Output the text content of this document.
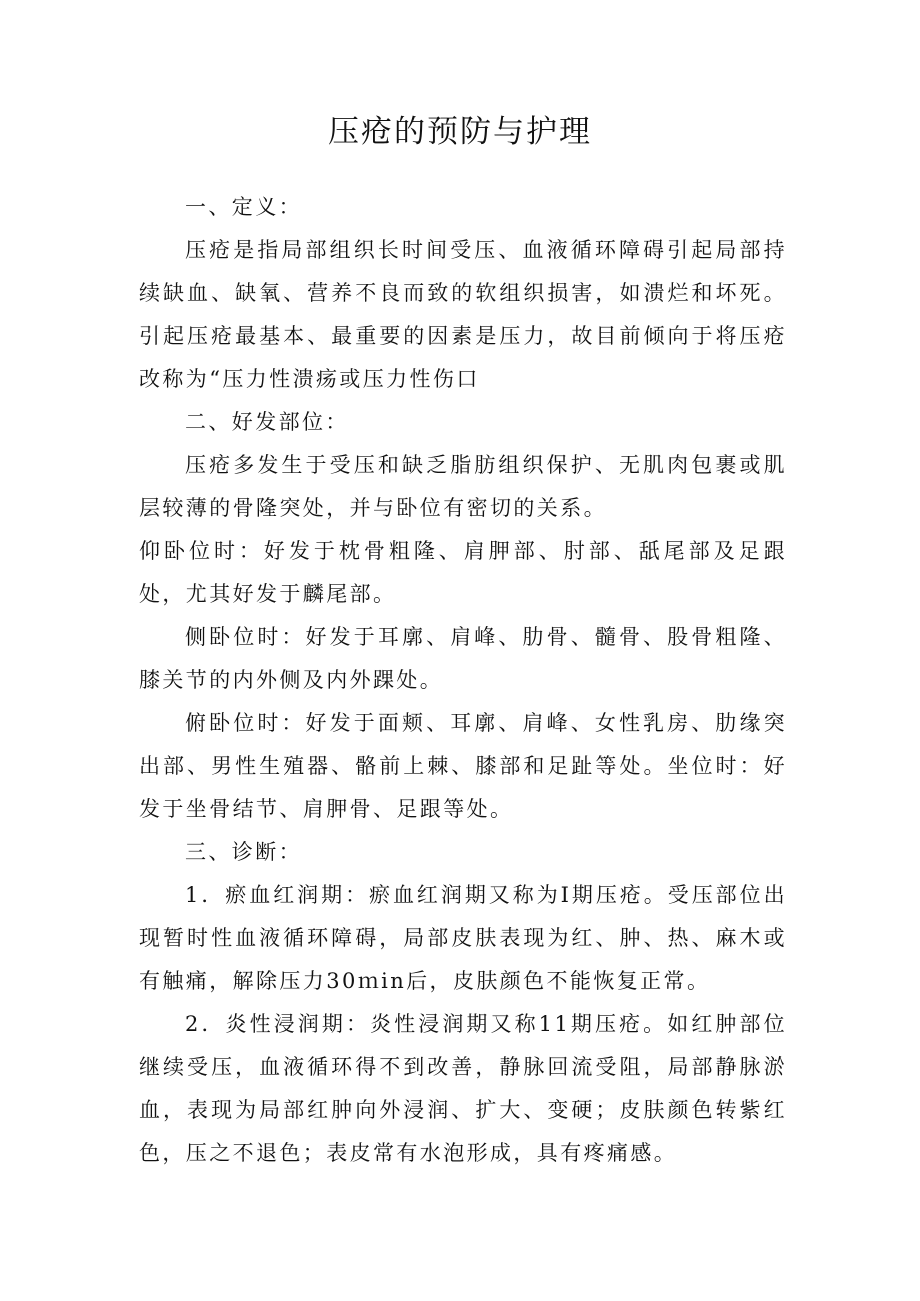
压疮的预防与护理

一、定义：

压疮是指局部组织长时间受压、血液循环障碍引起局部持续缺血、缺氧、营养不良而致的软组织损害，如溃烂和坏死。引起压疮最基本、最重要的因素是压力，故目前倾向于将压疮改称为“压力性溃疡或压力性伤口

二、好发部位：

压疮多发生于受压和缺乏脂肪组织保护、无肌肉包裹或肌层较薄的骨隆突处，并与卧位有密切的关系。

仰卧位时：好发于枕骨粗隆、肩胛部、肘部、舐尾部及足跟处，尤其好发于麟尾部。

侧卧位时：好发于耳廓、肩峰、肋骨、髓骨、股骨粗隆、膝关节的内外侧及内外踝处。

俯卧位时：好发于面颊、耳廓、肩峰、女性乳房、肋缘突出部、男性生殖器、骼前上棘、膝部和足趾等处。坐位时：好发于坐骨结节、肩胛骨、足跟等处。

三、诊断：

1．瘀血红润期：瘀血红润期又称为I期压疮。受压部位出现暂时性血液循环障碍，局部皮肤表现为红、肿、热、麻木或有触痛，解除压力30ｍin后，皮肤颜色不能恢复正常。

2．炎性浸润期：炎性浸润期又称11期压疮。如红肿部位继续受压，血液循环得不到改善，静脉回流受阻，局部静脉淤血，表现为局部红肿向外浸润、扩大、变硬；皮肤颜色转紫红色，压之不退色；表皮常有水泡形成，具有疼痛感。
